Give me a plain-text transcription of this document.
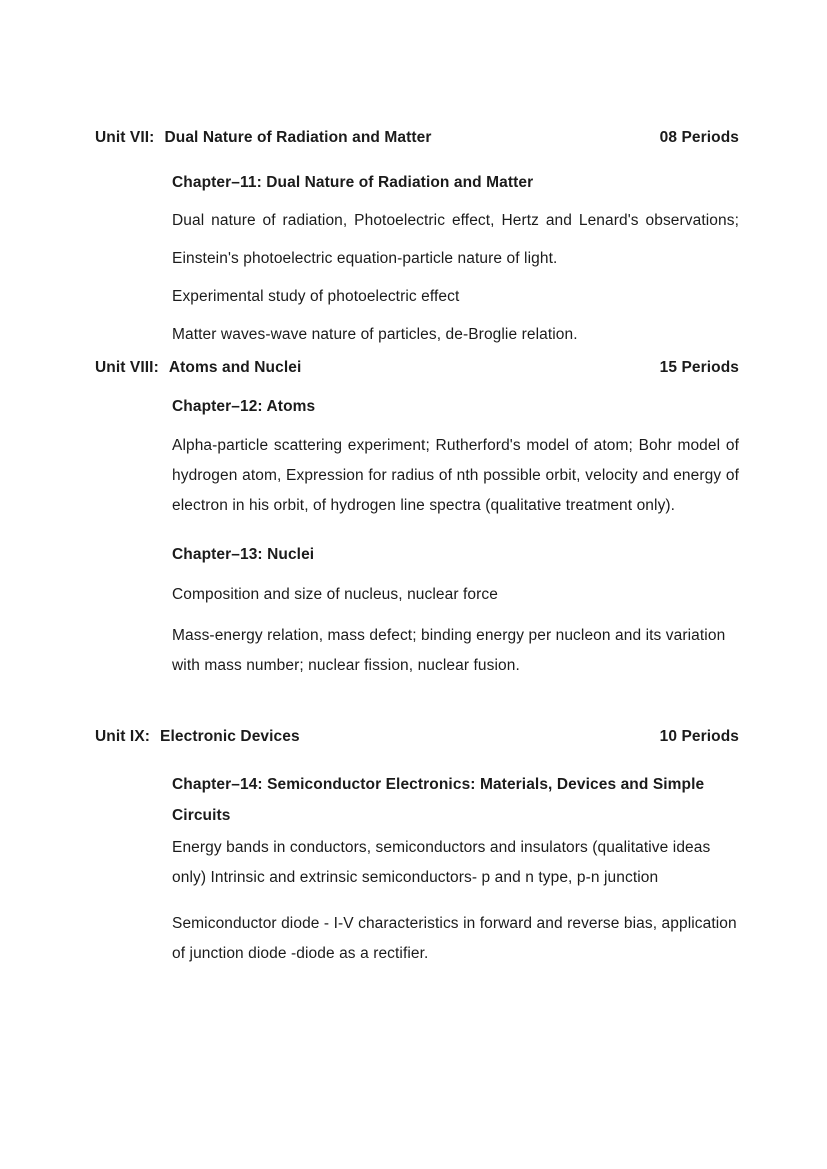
Unit VII: Dual Nature of Radiation and Matter	08 Periods
Chapter–11: Dual Nature of Radiation and Matter

Dual nature of radiation, Photoelectric effect, Hertz and Lenard's observations; Einstein's photoelectric equation-particle nature of light.

Experimental study of photoelectric effect

Matter waves-wave nature of particles, de-Broglie relation.

Unit VIII: Atoms and Nuclei	15 Periods
Chapter–12: Atoms

Alpha-particle scattering experiment; Rutherford's model of atom; Bohr model of hydrogen atom, Expression for radius of nth possible orbit, velocity and energy of electron in his orbit, of hydrogen line spectra (qualitative treatment only).

Chapter–13: Nuclei

Composition and size of nucleus, nuclear force

Mass-energy relation, mass defect; binding energy per nucleon and its variation with mass number; nuclear fission, nuclear fusion.

Unit IX: Electronic Devices	10 Periods
Chapter–14: Semiconductor Electronics: Materials, Devices and Simple Circuits

Energy bands in conductors, semiconductors and insulators (qualitative ideas only) Intrinsic and extrinsic semiconductors- p and n type, p-n junction

Semiconductor diode - I-V characteristics in forward and reverse bias, application of junction diode -diode as a rectifier.
